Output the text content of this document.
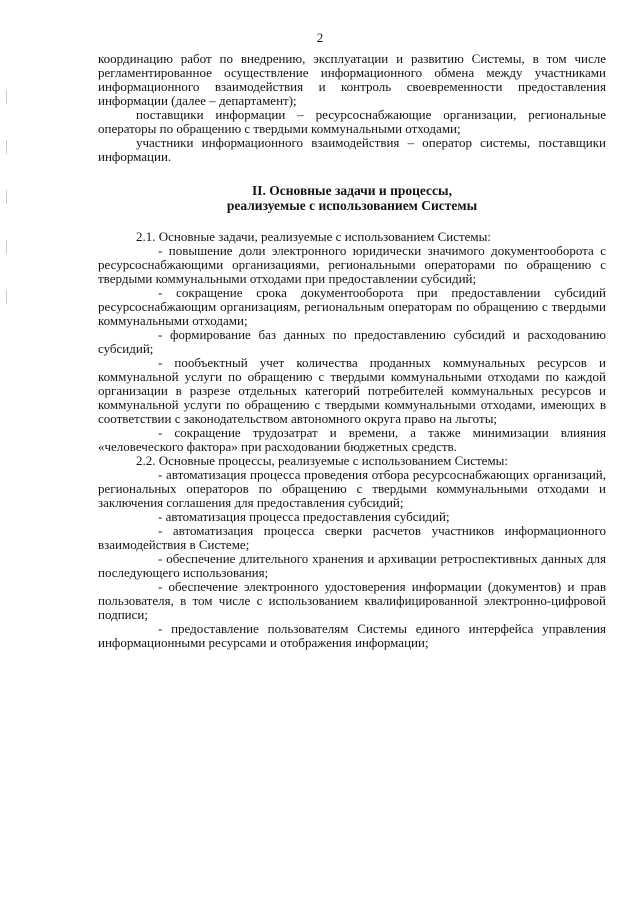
2

координацию работ по внедрению, эксплуатации и развитию Системы, в том числе регламентированное осуществление информационного обмена между участниками информационного взаимодействия и контроль своевременности предоставления информации (далее – департамент);

поставщики информации – ресурсоснабжающие организации, региональные операторы по обращению с твердыми коммунальными отходами;

участники информационного взаимодействия – оператор системы, поставщики информации.

II. Основные задачи и процессы,
реализуемые с использованием Системы

2.1. Основные задачи, реализуемые с использованием Системы:

- повышение доли электронного юридически значимого документооборота с ресурсоснабжающими организациями, региональными операторами по обращению с твердыми коммунальными отходами при предоставлении субсидий;

- сокращение срока документооборота при предоставлении субсидий ресурсоснабжающим организациям, региональным операторам по обращению с твердыми коммунальными отходами;

- формирование баз данных по предоставлению субсидий и расходованию субсидий;

- пообъектный учет количества проданных коммунальных ресурсов и коммунальной услуги по обращению с твердыми коммунальными отходами по каждой организации в разрезе отдельных категорий потребителей коммунальных ресурсов и коммунальной услуги по обращению с твердыми коммунальными отходами, имеющих в соответствии с законодательством автономного округа право на льготы;

- сокращение трудозатрат и времени, а также минимизации влияния «человеческого фактора» при расходовании бюджетных средств.

2.2. Основные процессы, реализуемые с использованием Системы:

- автоматизация процесса проведения отбора ресурсоснабжающих организаций, региональных операторов по обращению с твердыми коммунальными отходами и заключения соглашения для предоставления субсидий;

- автоматизация процесса предоставления субсидий;

- автоматизация процесса сверки расчетов участников информационного взаимодействия в Системе;

- обеспечение длительного хранения и архивации ретроспективных данных для последующего использования;

- обеспечение электронного удостоверения информации (документов) и прав пользователя, в том числе с использованием квалифицированной электронно-цифровой подписи;

- предоставление пользователям Системы единого интерфейса управления информационными ресурсами и отображения информации;
